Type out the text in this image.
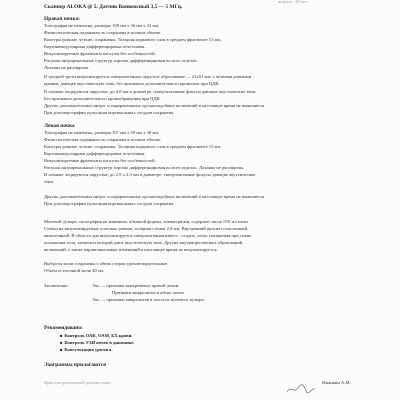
возраст: 28 лет.
Сканнер ALOKA @ 5. Датчик Конвексный 3,5 — 5 МГц.
Правая почка:
Топография не изменена, размеры 108 мм х 36 мм х 32 мм.
Физиологическая подвижность сохранена в полном объеме.
Контуры ровные, четкие, сохранены. Толщина коркового слоя в среднем фрагменте 13 мм.
Кортикомедуллярная дифференцировка отчетливая.
Визуализируемые фрагменты капсулы без особенностей.
Рисунок интраренальных структур хорошо дифференцирован во всех отделах.
Лоханка не расширена.
В средней трети визуализируется гиперэхогенное округлое образование — 21х51 мм, с четкими ровными
краями, дающее акустическую тень, без признаков дополнительного кровотока при ЦДК.
В лоханке лоцируются округлые, до 4,0 мм в диаметре, гиперэхогенные фокусы дающие акустические тени.
Без признаков дополнительного кровообращения при ЦДК.
Других дополнительных интра- и параренальных органоподобных включений в настоящее время не выявляется.
При допплерографии пульсация кортикальных сосудов сохранена.
Левая почка
Топография не изменена, размеры 107 мм х 39 мм х 30 мм.
Физиологическая подвижность сохранена в полном объеме.
Контуры ровные, четкие, сохранены. Толщина коркового слоя в среднем фрагменте 15 мм.
Кортикомедуллярная дифференцировка отчетливая.
Визуализируемые фрагменты капсулы без особенностей.
Рисунок интраренальных структур хорошо дифференцирован во всех отделах. Лоханка не расширена.
В лоханке лоцируются округлые, до 2,9 х 2,3 мм в диаметре, гиперэхогенные фокусы дающие акустические
тени.
Других дополнительных интра- и параренальных органоподобных включений в настоящее время не выявляется.
При допплерографии пульсация кортикальных сосудов сохранена.
Мочевой пузырь: топография не изменена, обычной формы, симметричен, содержит около 670 мл мочи.
Стенка на визуализируемых участках ровная, толщина стенки 2,8 мм. Внутренний просвет гомогенный,
анэхогенный. В области дна визуализируется гиперэхогенная взвесь - осадок, легко смещаемая при смене
положения тела, элементы которой дают акустическую тень. Других внутрипросветных образований,
включений, а также паравезикальных изменений в настоящее время не визуализируется.
Выбросы мочи сохранены с обеих сторон удовлетворительные.
Объем остаточной мочи 40 мл.
Заключение:	Эхо — признаки конкремента правой почки.
Признаки микролитов в обеих почек.
Эхо — признаки микролитов в полости мочевого пузыря.
Рекомендовано:
■ Контроль ОАК, ОАМ, БХ крови.
■ Контроль УЗИ почек в динамике.
■ Консультация уролога.
Эхограммы прилагаются
Врач ультразвуковой диагностики	Иманкин А.М.
